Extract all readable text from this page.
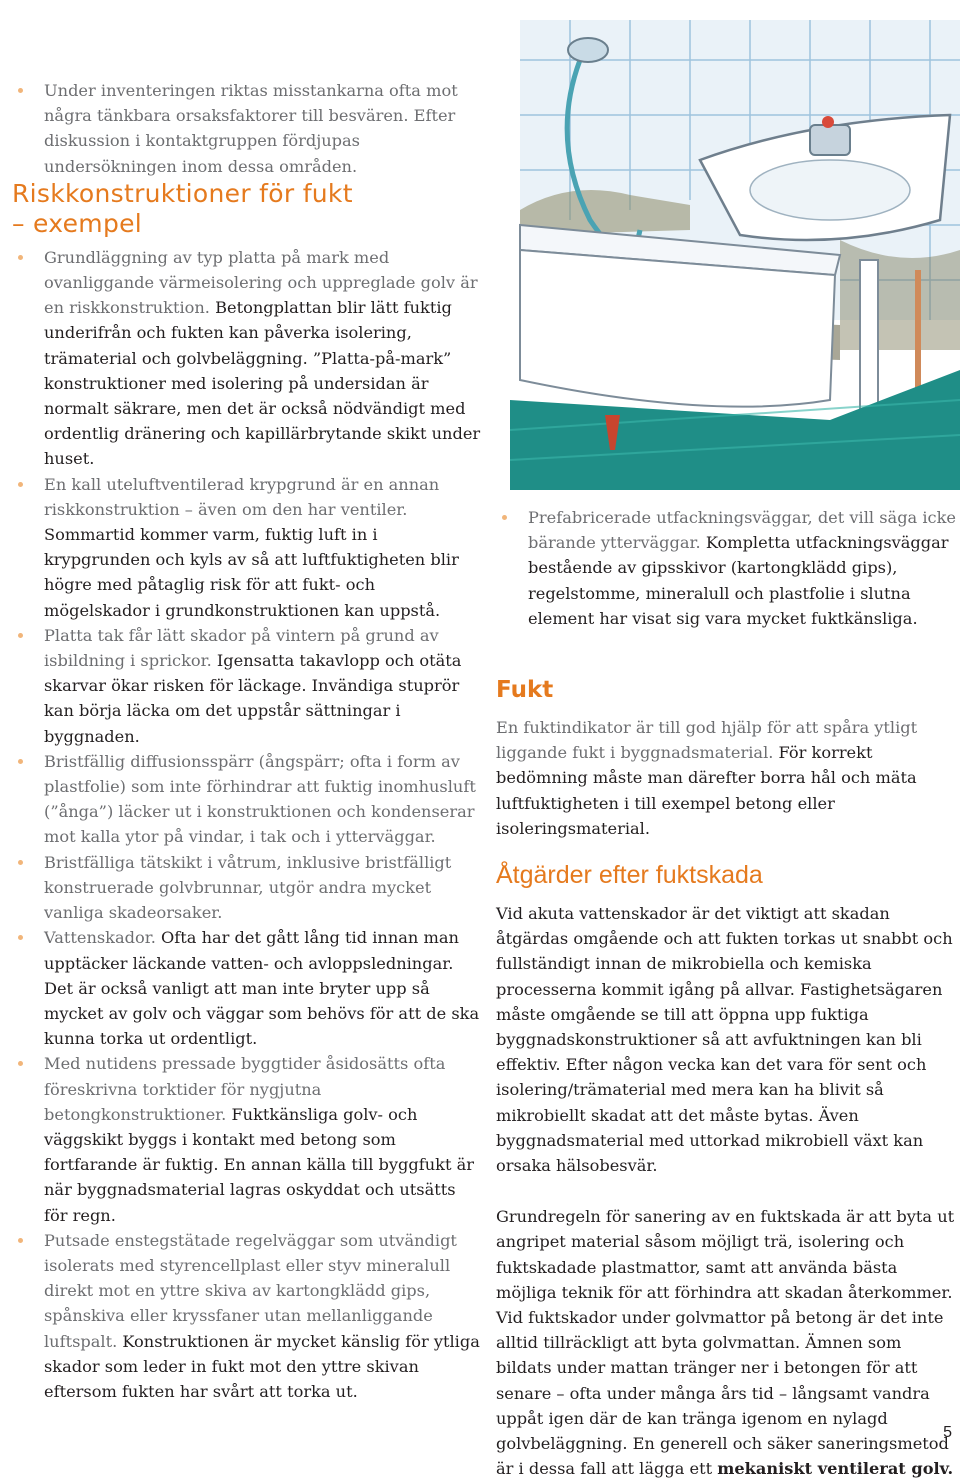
Under inventeringen riktas misstankarna ofta mot några tänkbara orsaksfaktorer till besvären. Efter diskussion i kontaktgruppen fördjupas undersökningen inom dessa områden.
Riskkonstruktioner för fukt
– exempel
Grundläggning av typ platta på mark med ovanliggande värmeisolering och uppreglade golv är en riskkonstruktion. Betongplattan blir lätt fuktig underifrån och fukten kan påverka isolering, trämaterial och golvbeläggning. ”Platta-på-mark” konstruktioner med isolering på undersidan är normalt säkrare, men det är också nödvändigt med ordentlig dränering och kapillärbrytande skikt under huset.
En kall uteluftventilerad krypgrund är en annan riskkonstruktion – även om den har ventiler. Sommartid kommer varm, fuktig luft in i krypgrunden och kyls av så att luftfuktigheten blir högre med påtaglig risk för att fukt- och mögelskador i grundkonstruktionen kan uppstå.
Platta tak får lätt skador på vintern på grund av isbildning i sprickor. Igensatta takavlopp och otäta skarvar ökar risken för läckage. Invändiga stuprör kan börja läcka om det uppstår sättningar i byggnaden.
Bristfällig diffusionsspärr (ångspärr; ofta i form av plastfolie) som inte förhindrar att fuktig inomhusluft (”ånga”) läcker ut i konstruktionen och kondenserar mot kalla ytor på vindar, i tak och i ytterväggar.
Bristfälliga tätskikt i våtrum, inklusive bristfälligt konstruerade golvbrunnar, utgör andra mycket vanliga skadeorsaker.
Vattenskador. Ofta har det gått lång tid innan man upptäcker läckande vatten- och avloppsledningar. Det är också vanligt att man inte bryter upp så mycket av golv och väggar som behövs för att de ska kunna torka ut ordentligt.
Med nutidens pressade byggtider åsidosätts ofta föreskrivna torktider för nygjutna betongkonstruktioner. Fuktkänsliga golv- och väggskikt byggs i kontakt med betong som fortfarande är fuktig. En annan källa till byggfukt är när byggnadsmaterial lagras oskyddat och utsätts för regn.
Putsade enstegstätade regelväggar som utvändigt isolerats med styrencellplast eller styv mineralull direkt mot en yttre skiva av kartongklädd gips, spånskiva eller kryssfaner utan mellanliggande luftspalt. Konstruktionen är mycket känslig för ytliga skador som leder in fukt mot den yttre skivan eftersom fukten har svårt att torka ut.
Prefabricerade utfackningsväggar, det vill säga icke bärande ytterväggar. Kompletta utfackningsväggar bestående av gipsskivor (kartongklädd gips), regelstomme, mineralull och plastfolie i slutna element har visat sig vara mycket fuktkänsliga.
Fukt

En fuktindikator är till god hjälp för att spåra ytligt liggande fukt i byggnadsmaterial. För korrekt bedömning måste man därefter borra hål och mäta luftfuktigheten i till exempel betong eller isoleringsmaterial.

Åtgärder efter fuktskada

Vid akuta vattenskador är det viktigt att skadan åtgärdas omgående och att fukten torkas ut snabbt och fullständigt innan de mikrobiella och kemiska processerna kommit igång på allvar. Fastighetsägaren måste omgående se till att öppna upp fuktiga byggnadskonstruktioner så att avfuktningen kan bli effektiv. Efter någon vecka kan det vara för sent och isolering/trämaterial med mera kan ha blivit så mikrobiellt skadat att det måste bytas. Även byggnadsmaterial med uttorkad mikrobiell växt kan orsaka hälsobesvär.

Grundregeln för sanering av en fuktskada är att byta ut angripet material såsom möjligt trä, isolering och fuktskadade plastmattor, samt att använda bästa möjliga teknik för att förhindra att skadan återkommer. Vid fuktskador under golvmattor på betong är det inte alltid tillräckligt att byta golvmattan. Ämnen som bildats under mattan tränger ner i betongen för att senare – ofta under många års tid – långsamt vandra uppåt igen där de kan tränga igenom en nylagd golvbeläggning. En generell och säker saneringsmetod är i dessa fall att lägga ett mekaniskt ventilerat golv.

5
